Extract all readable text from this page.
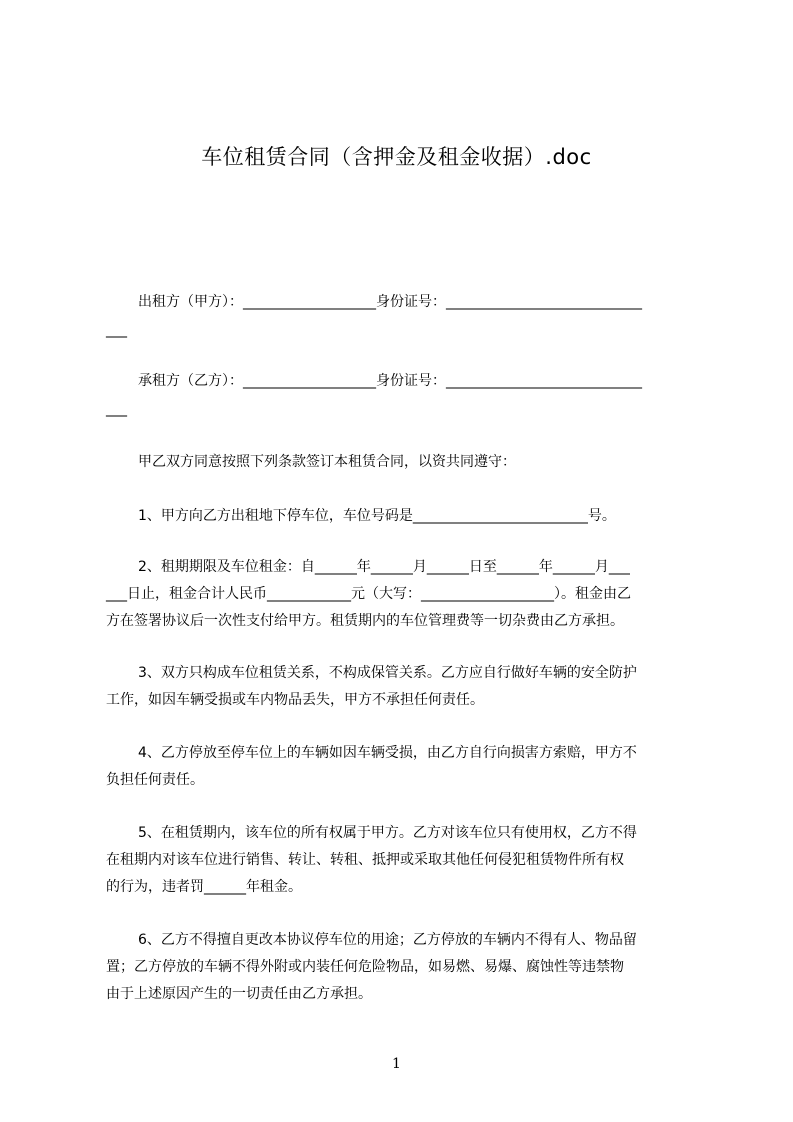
车位租赁合同（含押金及租金收据）.doc
出租方（甲方）：___________________身份证号：____________________________
___
承租方（乙方）：___________________身份证号：____________________________
___
甲乙双方同意按照下列条款签订本租赁合同，以资共同遵守：
1、甲方向乙方出租地下停车位，车位号码是_________________________号。
2、租期期限及车位租金：自______年______月______日至______年______月___
___日止，租金合计人民币____________元（大写：___________________）。租金由乙
方在签署协议后一次性支付给甲方。租赁期内的车位管理费等一切杂费由乙方承担。
3、双方只构成车位租赁关系，不构成保管关系。乙方应自行做好车辆的安全防护
工作，如因车辆受损或车内物品丢失，甲方不承担任何责任。
4、乙方停放至停车位上的车辆如因车辆受损，由乙方自行向损害方索赔，甲方不
负担任何责任。
5、在租赁期内，该车位的所有权属于甲方。乙方对该车位只有使用权，乙方不得
在租期内对该车位进行销售、转让、转租、抵押或采取其他任何侵犯租赁物件所有权
的行为，违者罚______年租金。
6、乙方不得擅自更改本协议停车位的用途；乙方停放的车辆内不得有人、物品留
置；乙方停放的车辆不得外附或内装任何危险物品，如易燃、易爆、腐蚀性等违禁物
由于上述原因产生的一切责任由乙方承担。
1
